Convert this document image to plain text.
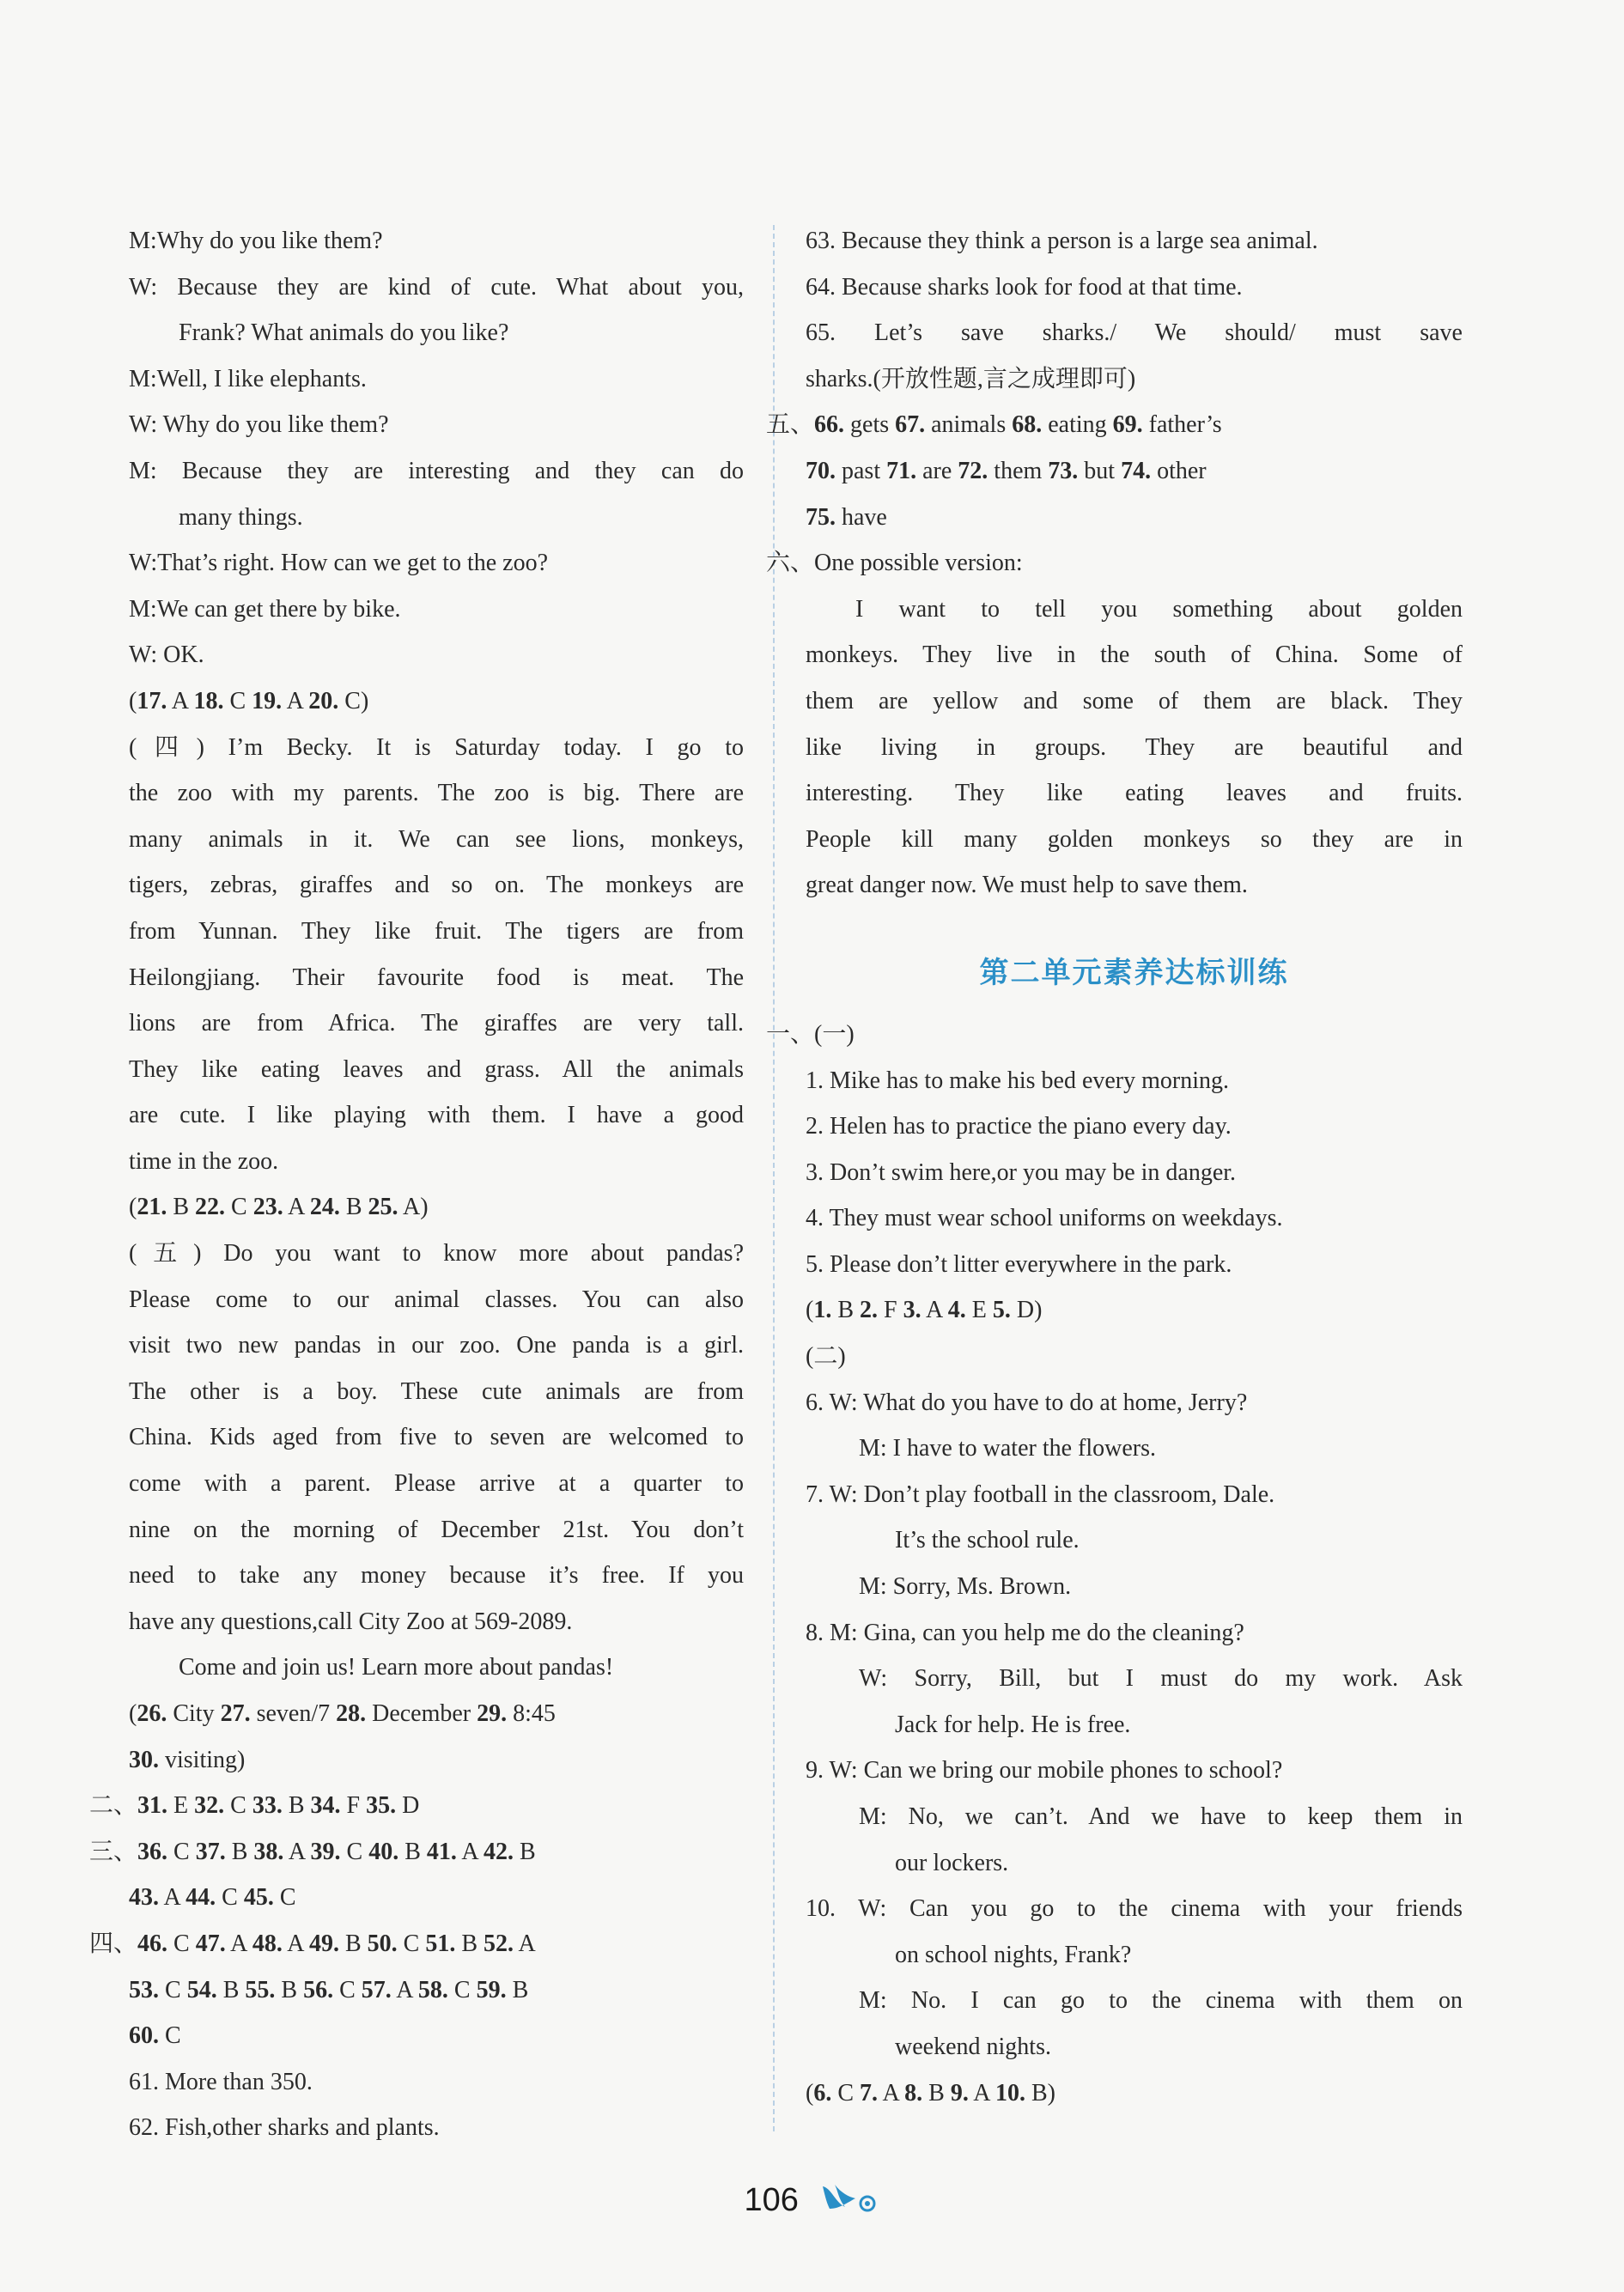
M:Why do you like them?
W: Because they are kind of cute. What about you,
Frank? What animals do you like?
M:Well, I like elephants.
W: Why do you like them?
M: Because they are interesting and they can do
many things.
W:That’s right. How can we get to the zoo?
M:We can get there by bike.
W: OK.
(17. A 18. C 19. A 20. C)
(四) I’m Becky. It is Saturday today. I go to
the zoo with my parents. The zoo is big. There are
many animals in it. We can see lions, monkeys,
tigers, zebras, giraffes and so on. The monkeys are
from Yunnan. They like fruit. The tigers are from
Heilongjiang. Their favourite food is meat. The
lions are from Africa. The giraffes are very tall.
They like eating leaves and grass. All the animals
are cute. I like playing with them. I have a good
time in the zoo.
(21. B 22. C 23. A 24. B 25. A)
(五) Do you want to know more about pandas?
Please come to our animal classes. You can also
visit two new pandas in our zoo. One panda is a girl.
The other is a boy. These cute animals are from
China. Kids aged from five to seven are welcomed to
come with a parent. Please arrive at a quarter to
nine on the morning of December 21st. You don’t
need to take any money because it’s free. If you
have any questions,call City Zoo at 569-2089.
Come and join us! Learn more about pandas!
(26. City 27. seven/7 28. December 29. 8:45
30. visiting)
二、31. E 32. C 33. B 34. F 35. D
三、36. C 37. B 38. A 39. C 40. B 41. A 42. B
43. A 44. C 45. C
四、46. C 47. A 48. A 49. B 50. C 51. B 52. A
53. C 54. B 55. B 56. C 57. A 58. C 59. B
60. C
61. More than 350.
62. Fish,other sharks and plants.
63. Because they think a person is a large sea animal.
64. Because sharks look for food at that time.
65. Let’s save sharks./ We should/ must save
sharks.(开放性题,言之成理即可)
五、66. gets 67. animals 68. eating 69. father’s
70. past 71. are 72. them 73. but 74. other
75. have
六、One possible version:
I want to tell you something about golden
monkeys. They live in the south of China. Some of
them are yellow and some of them are black. They
like living in groups. They are beautiful and
interesting. They like eating leaves and fruits.
People kill many golden monkeys so they are in
great danger now. We must help to save them.
第二单元素养达标训练
一、(一)
1. Mike has to make his bed every morning.
2. Helen has to practice the piano every day.
3. Don’t swim here,or you may be in danger.
4. They must wear school uniforms on weekdays.
5. Please don’t litter everywhere in the park.
(1. B 2. F 3. A 4. E 5. D)
(二)
6. W: What do you have to do at home, Jerry?
M: I have to water the flowers.
7. W: Don’t play football in the classroom, Dale.
It’s the school rule.
M: Sorry, Ms. Brown.
8. M: Gina, can you help me do the cleaning?
W: Sorry, Bill, but I must do my work. Ask
Jack for help. He is free.
9. W: Can we bring our mobile phones to school?
M: No, we can’t. And we have to keep them in
our lockers.
10. W: Can you go to the cinema with your friends
on school nights, Frank?
M: No. I can go to the cinema with them on
weekend nights.
(6. C 7. A 8. B 9. A 10. B)
106
